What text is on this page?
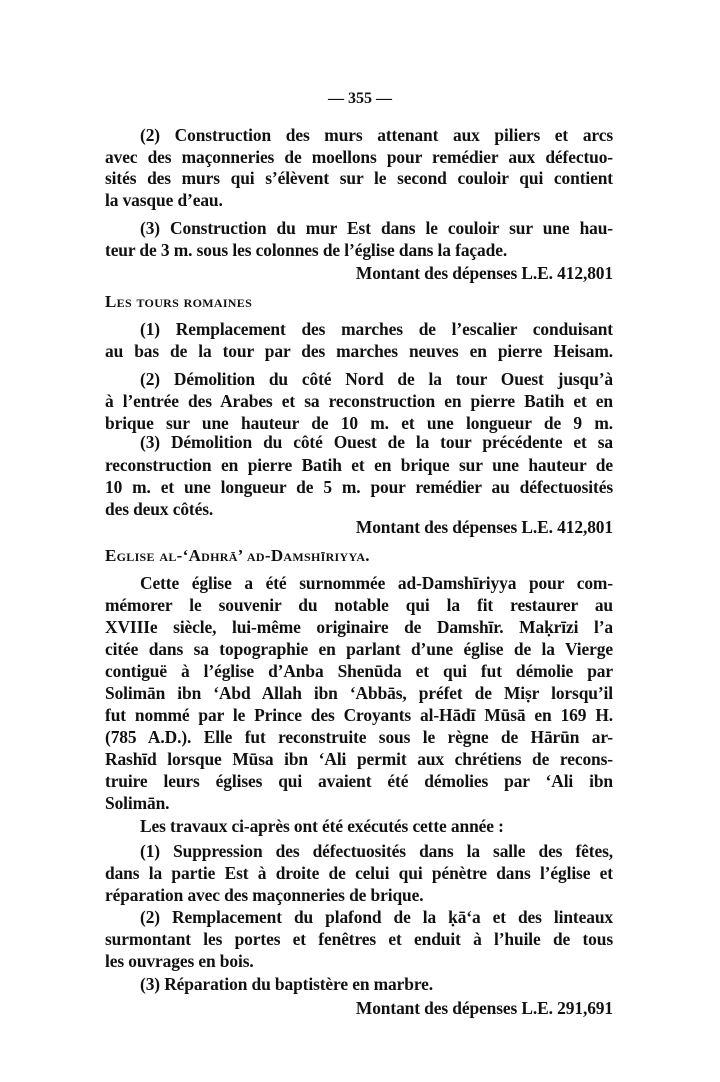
— 355 —
(2) Construction des murs attenant aux piliers et arcs
avec des maçonneries de moellons pour remédier aux défectuo-
sités des murs qui s’élèvent sur le second couloir qui contient
la vasque d’eau.
(3) Construction du mur Est dans le couloir sur une hau-
teur de 3 m. sous les colonnes de l’église dans la façade.
Montant des dépenses L.E. 412,801
Les tours romaines
(1) Remplacement des marches de l’escalier conduisant
au bas de la tour par des marches neuves en pierre Heisam.
(2) Démolition du côté Nord de la tour Ouest jusqu’à
à l’entrée des Arabes et sa reconstruction en pierre Batih et en
brique sur une hauteur de 10 m. et une longueur de 9 m.
(3) Démolition du côté Ouest de la tour précédente et sa
reconstruction en pierre Batih et en brique sur une hauteur de
10 m. et une longueur de 5 m. pour remédier au défectuosités
des deux côtés.
Montant des dépenses L.E. 412,801
Eglise al-‘Adhrā’ ad-Damshīriyya.
Cette église a été surnommée ad-Damshīriyya pour com-
mémorer le souvenir du notable qui la fit restaurer au
XVIIIe siècle, lui-même originaire de Damshīr. Maḳrīzi l’a
citée dans sa topographie en parlant d’une église de la Vierge
contiguë à l’église d’Anba Shenūda et qui fut démolie par
Solimān ibn ‘Abd Allah ibn ‘Abbās, préfet de Miṣr lorsqu’il
fut nommé par le Prince des Croyants al-Hādī Mūsā en 169 H.
(785 A.D.). Elle fut reconstruite sous le règne de Hārūn ar-
Rashīd lorsque Mūsa ibn ‘Ali permit aux chrétiens de recons-
truire leurs églises qui avaient été démolies par ‘Ali ibn
Solimān.
Les travaux ci-après ont été exécutés cette année :
(1) Suppression des défectuosités dans la salle des fêtes,
dans la partie Est à droite de celui qui pénètre dans l’église et
réparation avec des maçonneries de brique.
(2) Remplacement du plafond de la ḳā‘a et des linteaux
surmontant les portes et fenêtres et enduit à l’huile de tous
les ouvrages en bois.
(3) Réparation du baptistère en marbre.
Montant des dépenses L.E. 291,691
